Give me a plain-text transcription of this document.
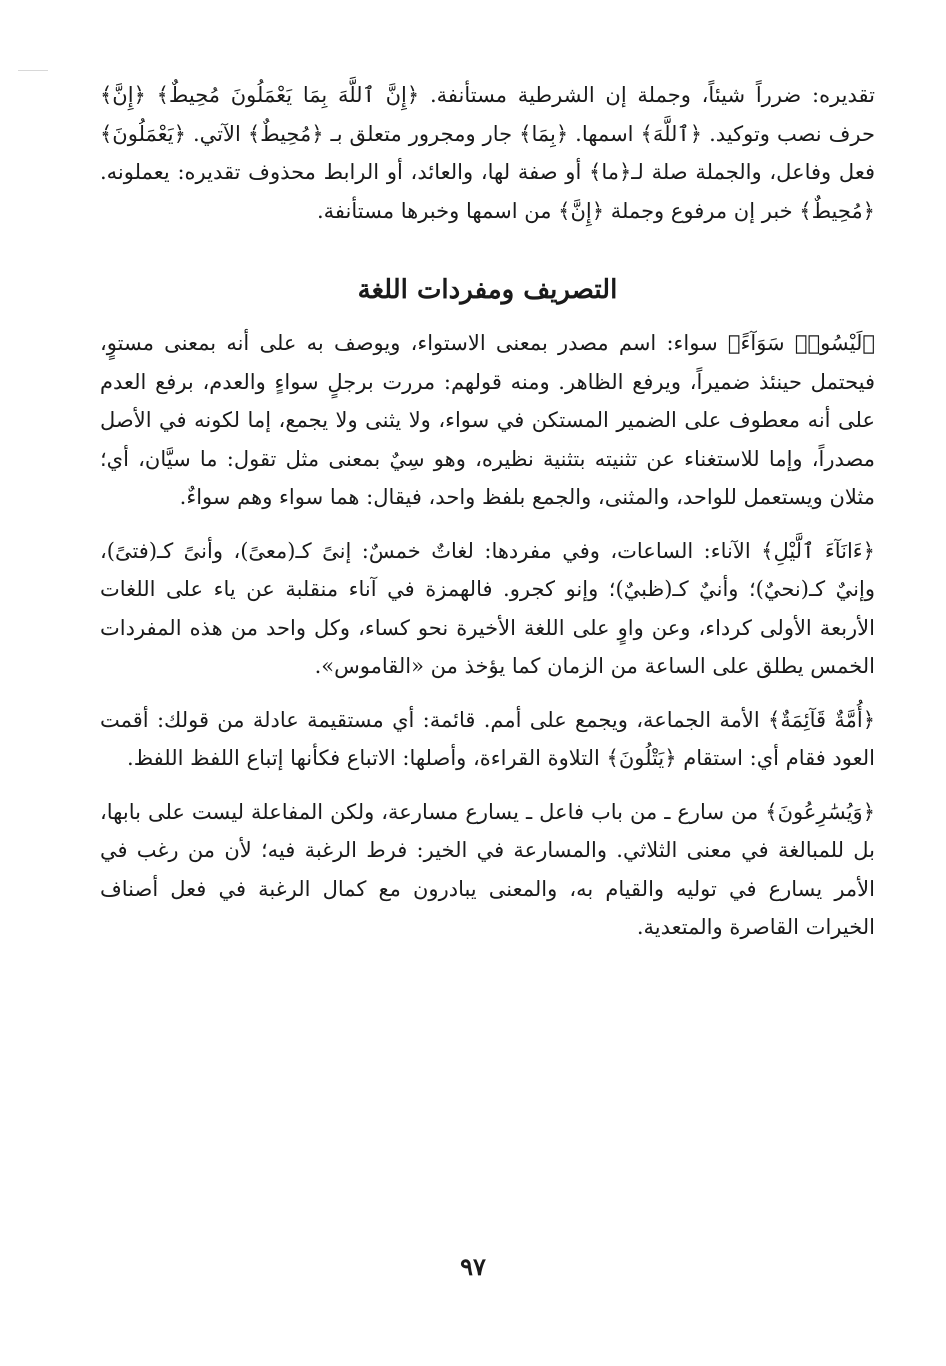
تقديره: ضرراً شيئاً، وجملة إن الشرطية مستأنفة. ﴿إِنَّ ٱللَّهَ بِمَا يَعْمَلُونَ مُحِيطٌ﴾ ﴿إِنَّ﴾ حرف نصب وتوكيد. ﴿ٱللَّهَ﴾ اسمها. ﴿بِمَا﴾ جار ومجرور متعلق بـ ﴿مُحِيطٌ﴾ الآتي. ﴿يَعْمَلُونَ﴾ فعل وفاعل، والجملة صلة لـ﴿ما﴾ أو صفة لها، والعائد، أو الرابط محذوف تقديره: يعملونه. ﴿مُحِيطٌ﴾ خبر إن مرفوع وجملة ﴿إِنَّ﴾ من اسمها وخبرها مستأنفة.

التصريف ومفردات اللغة

﴿لَيْسُوا۟ سَوَآءً﴾ سواء: اسم مصدر بمعنى الاستواء، ويوصف به على أنه بمعنى مستوٍ، فيحتمل حينئذ ضميراً، ويرفع الظاهر. ومنه قولهم: مررت برجلٍ سواءٍ والعدم، برفع العدم على أنه معطوف على الضمير المستكن في سواء، ولا يثنى ولا يجمع، إما لكونه في الأصل مصدراً، وإما للاستغناء عن تثنيته بتثنية نظيره، وهو سِيٌ بمعنى مثل تقول: ما سيَّان، أي؛ مثلان ويستعمل للواحد، والمثنى، والجمع بلفظ واحد، فيقال: هما سواء وهم سواءٌ.

﴿ءَانَآءَ ٱلَّيْلِ﴾ الآناء: الساعات، وفي مفردها: لغاتٌ خمسٌ: إنىً كـ(معىً)، وأنىً كـ(فتىً)، وإنيٌ كـ(نحيٌ)؛ وأنيٌ كـ(ظبيٌ)؛ وإنو كجرو. فالهمزة في آناء منقلبة عن ياء على اللغات الأربعة الأولى كرداء، وعن واوٍ على اللغة الأخيرة نحو كساء، وكل واحد من هذه المفردات الخمس يطلق على الساعة من الزمان كما يؤخذ من «القاموس».

﴿أُمَّةٌ قَآئِمَةٌ﴾ الأمة الجماعة، ويجمع على أمم. قائمة: أي مستقيمة عادلة من قولك: أقمت العود فقام أي: استقام ﴿يَتْلُونَ﴾ التلاوة القراءة، وأصلها: الاتباع فكأنها إتباع اللفظ اللفظ.

﴿وَيُسَٰرِعُونَ﴾ من سارع ـ من باب فاعل ـ يسارع مسارعة، ولكن المفاعلة ليست على بابها، بل للمبالغة في معنى الثلاثي. والمسارعة في الخير: فرط الرغبة فيه؛ لأن من رغب في الأمر يسارع في توليه والقيام به، والمعنى يبادرون مع كمال الرغبة في فعل أصناف الخيرات القاصرة والمتعدية.

٩٧
